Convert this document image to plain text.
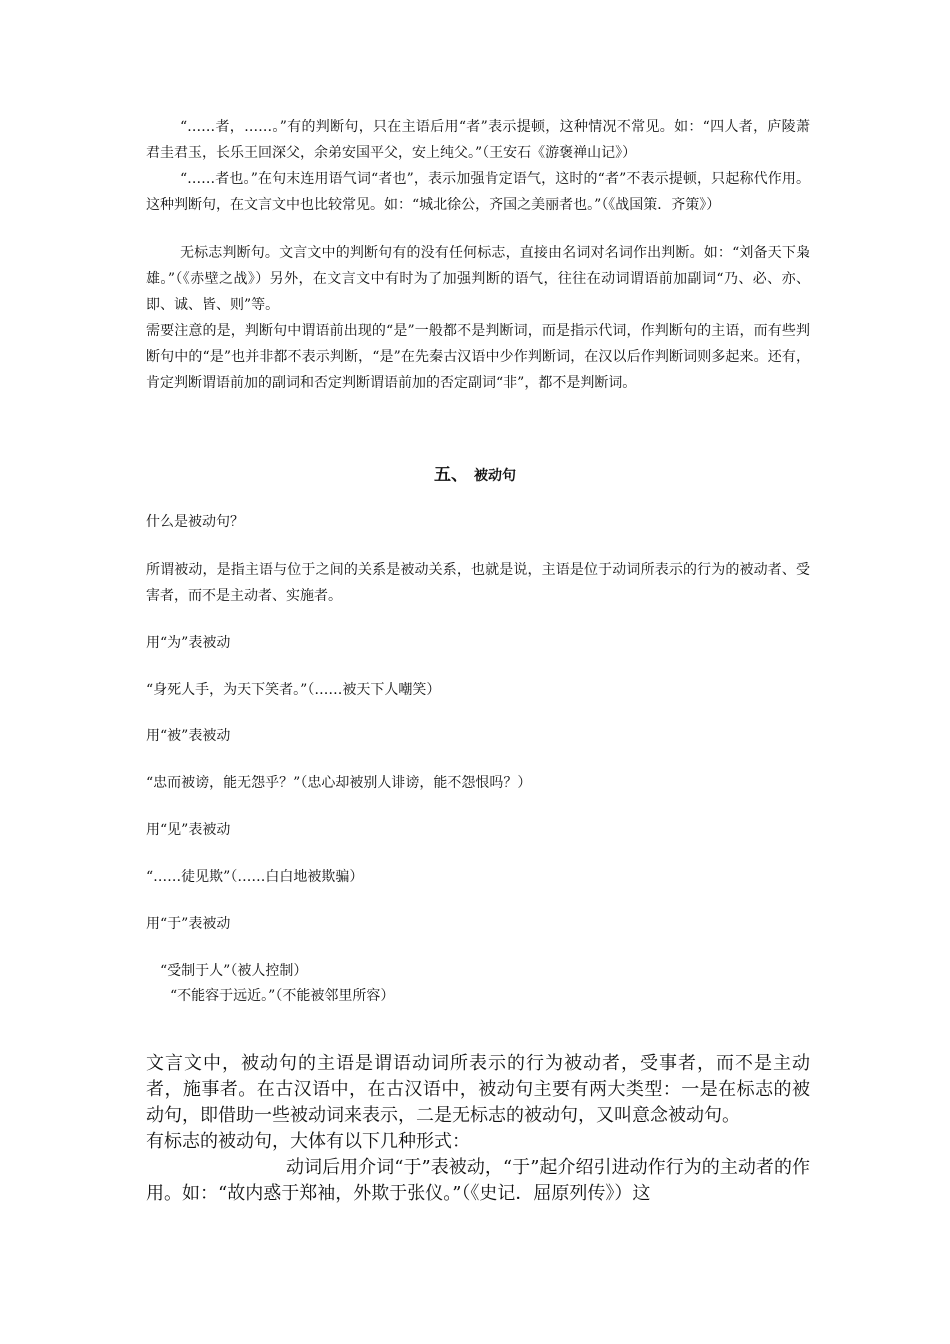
“……者，……。”有的判断句，只在主语后用“者”表示提顿，这种情况不常见。如：“四人者，庐陵萧君圭君玉，长乐王回深父，余弟安国平父，安上纯父。”（王安石《游褒禅山记》）

“……者也。”在句末连用语气词“者也”，表示加强肯定语气，这时的“者”不表示提顿，只起称代作用。这种判断句，在文言文中也比较常见。如：“城北徐公，齐国之美丽者也。”（《战国策．齐策》）

无标志判断句。文言文中的判断句有的没有任何标志，直接由名词对名词作出判断。如：“刘备天下枭雄。”（《赤壁之战》）另外，在文言文中有时为了加强判断的语气，往往在动词谓语前加副词“乃、必、亦、即、诚、皆、则”等。

需要注意的是，判断句中谓语前出现的“是”一般都不是判断词，而是指示代词，作判断句的主语，而有些判断句中的“是”也并非都不表示判断，“是”在先秦古汉语中少作判断词，在汉以后作判断词则多起来。还有，肯定判断谓语前加的副词和否定判断谓语前加的否定副词“非”，都不是判断词。

五、 被动句

什么是被动句？

所谓被动，是指主语与位于之间的关系是被动关系，也就是说，主语是位于动词所表示的行为的被动者、受害者，而不是主动者、实施者。

用“为”表被动

“身死人手，为天下笑者。”（……被天下人嘲笑）

用“被”表被动

“忠而被谤，能无怨乎？”（忠心却被别人诽谤，能不怨恨吗？）

用“见”表被动

“……徒见欺”（……白白地被欺骗）

用“于”表被动

“受制于人”（被人控制）

“不能容于远近。”（不能被邻里所容）

文言文中，被动句的主语是谓语动词所表示的行为被动者，受事者，而不是主动者，施事者。在古汉语中，在古汉语中，被动句主要有两大类型：一是在标志的被动句，即借助一些被动词来表示，二是无标志的被动句，又叫意念被动句。

有标志的被动句，大体有以下几种形式：

动词后用介词“于”表被动，“于”起介绍引进动作行为的主动者的作用。如：“故内惑于郑袖，外欺于张仪。”（《史记．屈原列传》）这
